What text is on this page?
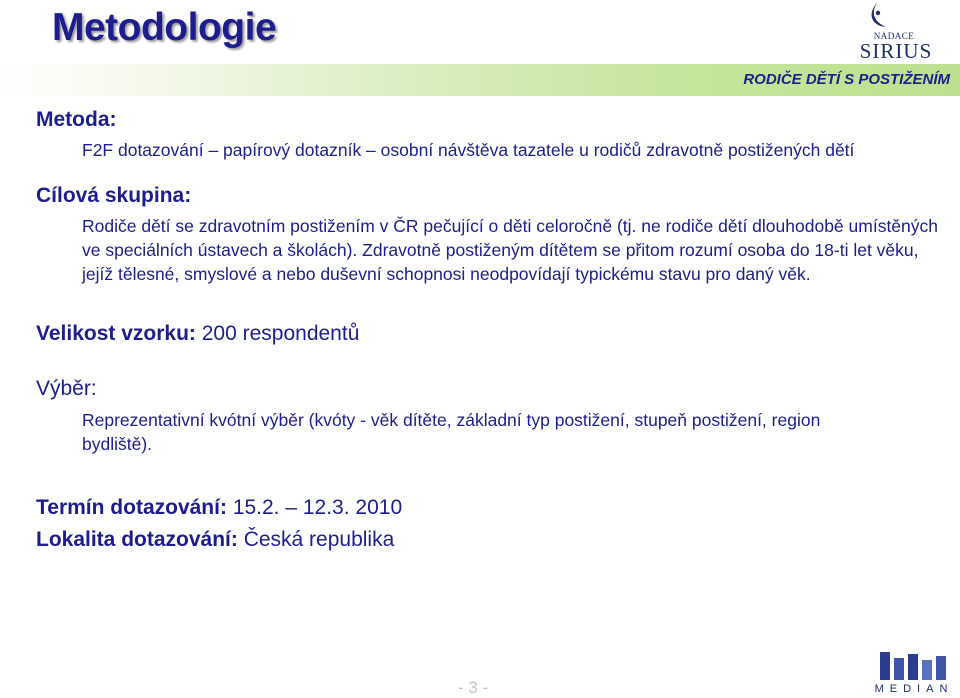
Metodologie
RODIČE DĚTÍ S POSTIŽENÍM
NADACE
SIRIUS

Metoda:

F2F dotazování – papírový dotazník – osobní návštěva tazatele u rodičů zdravotně postižených dětí

Cílová skupina:

Rodiče dětí se zdravotním postižením v ČR pečující o děti celoročně (tj. ne rodiče dětí dlouhodobě umístěných ve speciálních ústavech a školách). Zdravotně postiženým dítětem se přitom rozumí osoba do 18-ti let věku, jejíž tělesné, smyslové a nebo duševní schopnosi neodpovídají typickému stavu pro daný věk.

Velikost vzorku: 200 respondentů

Výběr:

Reprezentativní kvótní výběr (kvóty - věk dítěte, základní typ postižení, stupeň postižení, region bydliště).

Termín dotazování: 15.2. – 12.3. 2010

Lokalita dotazování: Česká republika

- 3 -	MEDIAN
